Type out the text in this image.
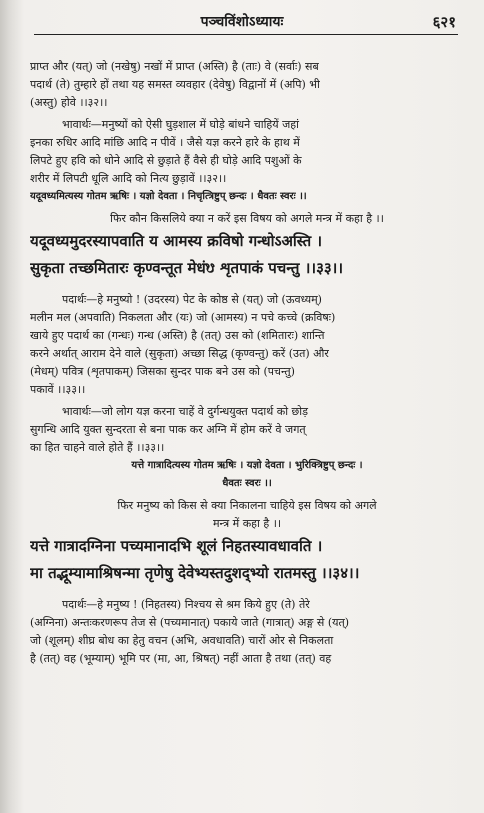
पञ्चविंशोऽध्यायः	६२१
प्राप्त और (यत्) जो (नखेषु) नखों में प्राप्त (अस्ति) है (ताः) वे (सर्वाः) सब
पदार्थ (ते) तुम्हारे हों तथा यह समस्त व्यवहार (देवेषु) विद्वानों में (अपि) भी
(अस्तु) होवे ।।३२।।
भावार्थः—मनुष्यों को ऐसी घुड़शाल में घोड़े बांधने चाहियें जहां
इनका रुधिर आदि मांछि आदि न पीवें । जैसे यज्ञ करने हारे के हाथ में
लिपटे हुए हवि को धोने आदि से छुड़ाते हैं वैसे ही घोड़े आदि पशुओं के
शरीर में लिपटी धूलि आदि को नित्य छुड़ावें ।।३२।।
यदूवध्यमित्यस्य गोतम ऋषिः । यज्ञो देवता । निचृत्त्रिष्टुप् छन्दः । धैवतः स्वरः ।।
फिर कौन किसलिये क्या न करें इस विषय को अगले मन्त्र में कहा है ।।
यदूवध्यमुदरस्यापवाति य आमस्य क्रविषो गन्धोऽअस्ति ।
सुकृता तच्छमितारः कृण्वन्तूत मेधंᳪ शृतपाकं पचन्तु ।।३३।।
पदार्थः—हे मनुष्यो ! (उदरस्य) पेट के कोष्ठ से (यत्) जो (ऊवध्यम्)
मलीन मल (अपवाति) निकलता और (यः) जो (आमस्य) न पचे कच्चे (क्रविषः)
खाये हुए पदार्थ का (गन्धः) गन्ध (अस्ति) है (तत्) उस को (शमितारः) शान्ति
करने अर्थात् आराम देने वाले (सुकृता) अच्छा सिद्ध (कृण्वन्तु) करें (उत) और
(मेधम्) पवित्र (शृतपाकम्) जिसका सुन्दर पाक बने उस को (पचन्तु)
पकावें ।।३३।।
भावार्थः—जो लोग यज्ञ करना चाहें वे दुर्गन्धयुक्त पदार्थ को छोड़
सुगन्धि आदि युक्त सुन्दरता से बना पाक कर अग्नि में होम करें वे जगत्
का हित चाहने वाले होते हैं ।।३३।।
यत्ते गात्रादित्यस्य गोतम ऋषिः । यज्ञो देवता । भुरिक्त्रिष्टुप् छन्दः ।
धैवतः स्वरः ।।
फिर मनुष्य को किस से क्या निकालना चाहिये इस विषय को अगले
मन्त्र में कहा है ।।
यत्ते गात्रादग्निना पच्यमानादभि शूलं निहतस्यावधावति ।
मा तद्भूम्यामाश्रिषन्मा तृणेषु देवेभ्यस्तदुशद्भ्यो रातमस्तु ।।३४।।
पदार्थः—हे मनुष्य ! (निहतस्य) निश्चय से श्रम किये हुए (ते) तेरे
(अग्निना) अन्तःकरणरूप तेज से (पच्यमानात्) पकाये जाते (गात्रात्) अङ्ग से (यत्)
जो (शूलम्) शीघ्र बोध का हेतु वचन (अभि, अवधावति) चारों ओर से निकलता
है (तत्) वह (भूम्याम्) भूमि पर (मा, आ, श्रिषत्) नहीं आता है तथा (तत्) वह
